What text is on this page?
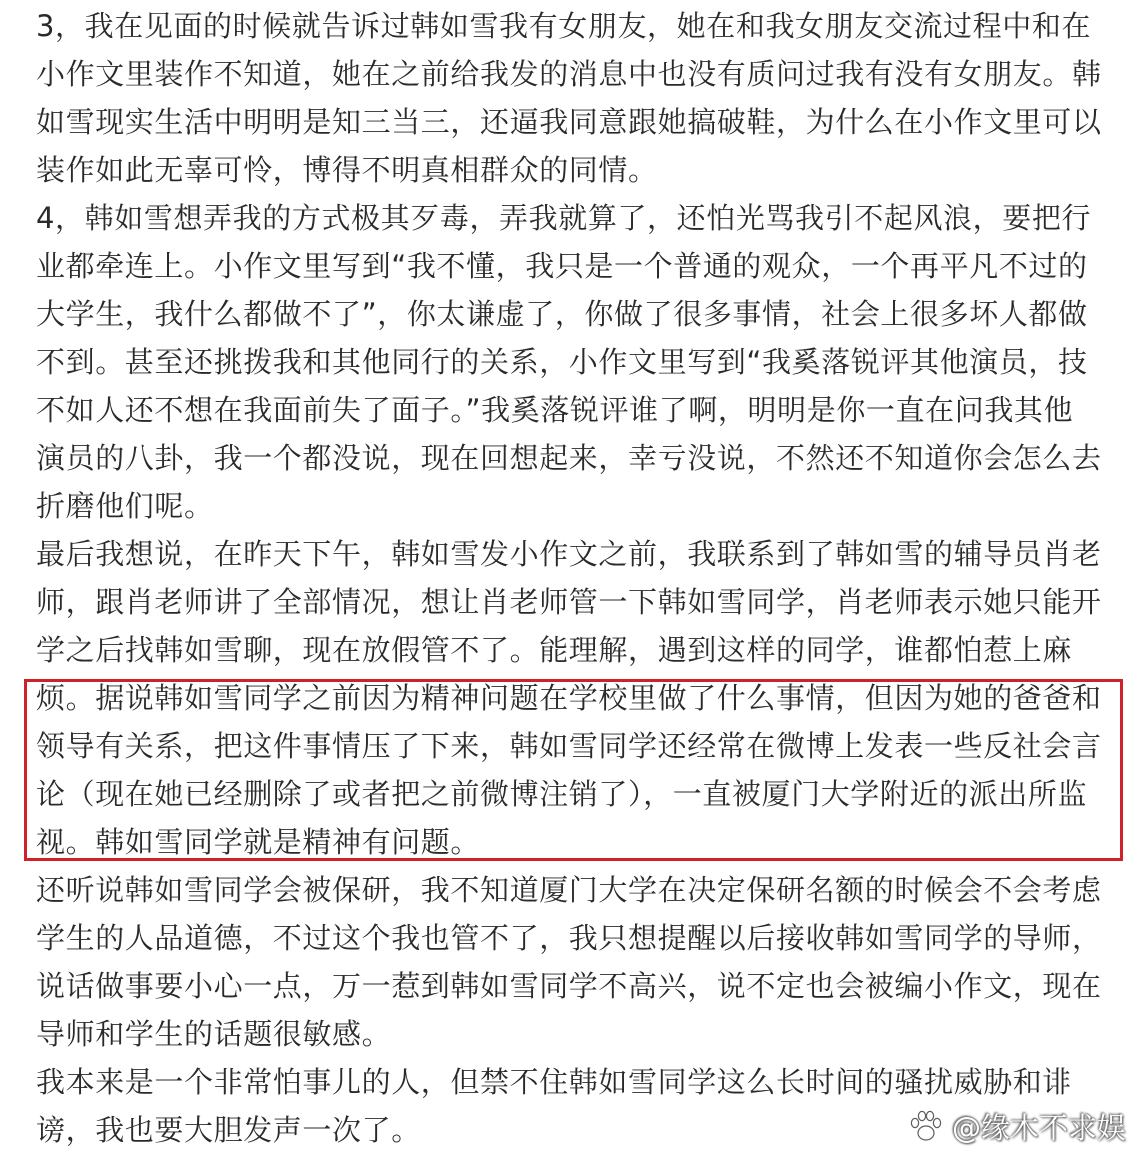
3，我在见面的时候就告诉过韩如雪我有女朋友，她在和我女朋友交流过程中和在
小作文里装作不知道，她在之前给我发的消息中也没有质问过我有没有女朋友。韩
如雪现实生活中明明是知三当三，还逼我同意跟她搞破鞋，为什么在小作文里可以
装作如此无辜可怜，博得不明真相群众的同情。
4，韩如雪想弄我的方式极其歹毒，弄我就算了，还怕光骂我引不起风浪，要把行
业都牵连上。小作文里写到“我不懂，我只是一个普通的观众，一个再平凡不过的
大学生，我什么都做不了”，你太谦虚了，你做了很多事情，社会上很多坏人都做
不到。甚至还挑拨我和其他同行的关系，小作文里写到“我奚落锐评其他演员，技
不如人还不想在我面前失了面子。”我奚落锐评谁了啊，明明是你一直在问我其他
演员的八卦，我一个都没说，现在回想起来，幸亏没说，不然还不知道你会怎么去
折磨他们呢。
最后我想说，在昨天下午，韩如雪发小作文之前，我联系到了韩如雪的辅导员肖老
师，跟肖老师讲了全部情况，想让肖老师管一下韩如雪同学，肖老师表示她只能开
学之后找韩如雪聊，现在放假管不了。能理解，遇到这样的同学，谁都怕惹上麻
烦。据说韩如雪同学之前因为精神问题在学校里做了什么事情，但因为她的爸爸和
领导有关系，把这件事情压了下来，韩如雪同学还经常在微博上发表一些反社会言
论（现在她已经删除了或者把之前微博注销了），一直被厦门大学附近的派出所监
视。韩如雪同学就是精神有问题。
还听说韩如雪同学会被保研，我不知道厦门大学在决定保研名额的时候会不会考虑
学生的人品道德，不过这个我也管不了，我只想提醒以后接收韩如雪同学的导师，
说话做事要小心一点，万一惹到韩如雪同学不高兴，说不定也会被编小作文，现在
导师和学生的话题很敏感。
我本来是一个非常怕事儿的人，但禁不住韩如雪同学这么长时间的骚扰威胁和诽
谤，我也要大胆发声一次了。	@缘木不求娱
